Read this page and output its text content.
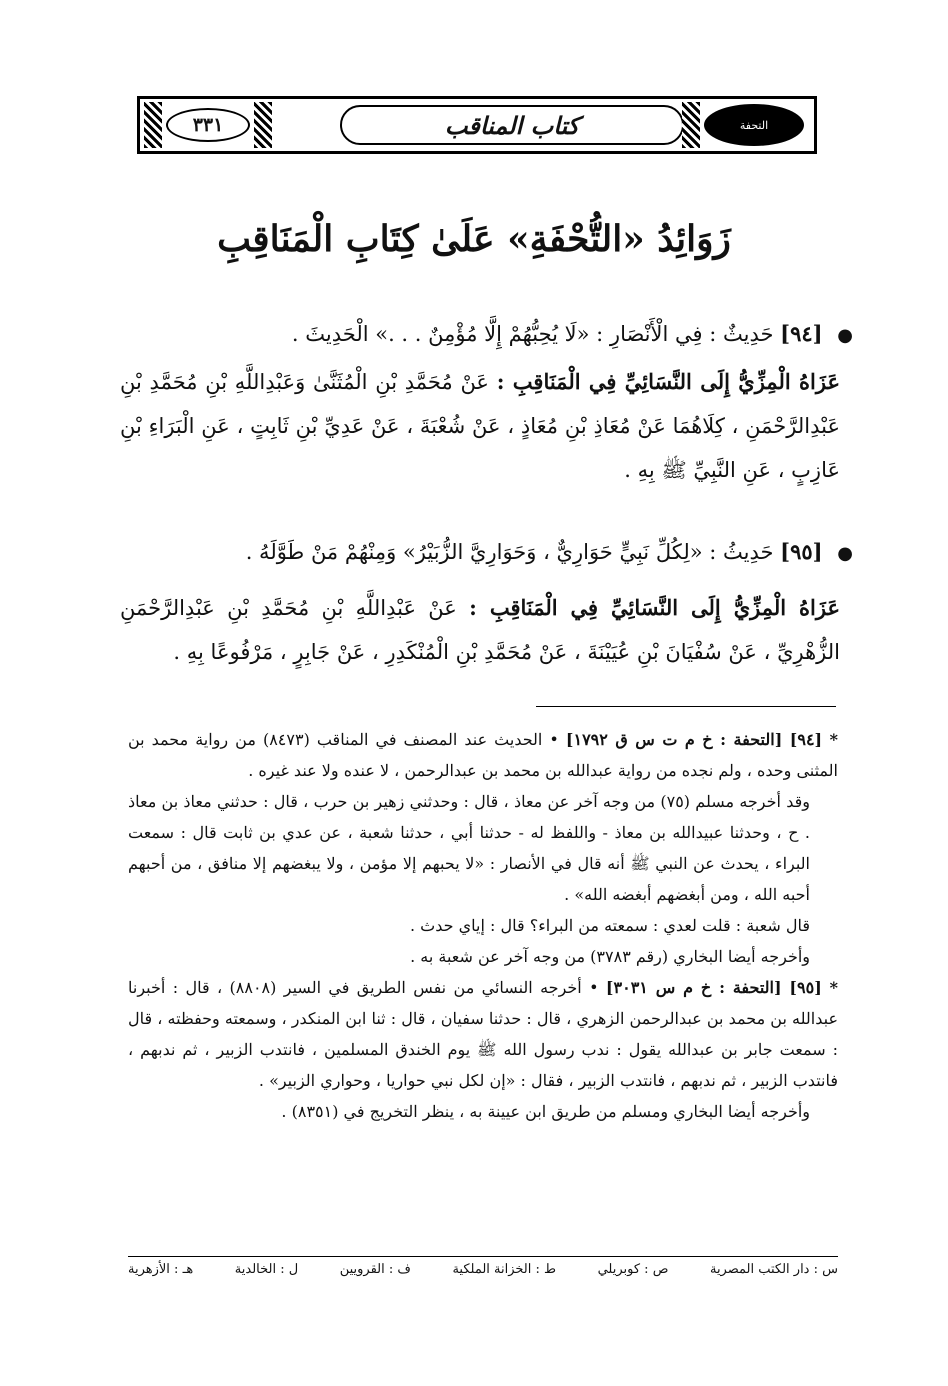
٣٣١	كتاب المناقب	التحفة
زَوَائِدُ «التُّحْفَةِ» عَلَىٰ كِتَابِ الْمَنَاقِبِ
● [٩٤] حَدِيثٌ : فِي الْأَنْصَارِ : «لَا يُحِبُّهُمْ إِلَّا مُؤْمِنٌ . . .» الْحَدِيثَ .
عَزَاهُ الْمِزِّيُّ إِلَى النَّسَائِيِّ فِي الْمَنَاقِبِ : عَنْ مُحَمَّدِ بْنِ الْمُثَنَّىٰ وَعَبْدِاللَّهِ بْنِ مُحَمَّدِ بْنِ عَبْدِالرَّحْمَنِ ، كِلَاهُمَا عَنْ مُعَاذِ بْنِ مُعَاذٍ ، عَنْ شُعْبَةَ ، عَنْ عَدِيِّ بْنِ ثَابِتٍ ، عَنِ الْبَرَاءِ بْنِ عَازِبٍ ، عَنِ النَّبِيِّ ﷺ بِهِ .
● [٩٥] حَدِيثُ : «لِكُلِّ نَبِيٍّ حَوَارِيٌّ ، وَحَوَارِيَّ الزُّبَيْرُ» وَمِنْهُمْ مَنْ طَوَّلَهُ .
عَزَاهُ الْمِزِّيُّ إِلَى النَّسَائِيِّ فِي الْمَنَاقِبِ : عَنْ عَبْدِاللَّهِ بْنِ مُحَمَّدِ بْنِ عَبْدِالرَّحْمَنِ الزُّهْرِيِّ ، عَنْ سُفْيَانَ بْنِ عُيَيْنَةَ ، عَنْ مُحَمَّدِ بْنِ الْمُنْكَدِرِ ، عَنْ جَابِرٍ ، مَرْفُوعًا بِهِ .

* [٩٤] [التحفة : خ م ت س ق ١٧٩٢] • الحديث عند المصنف في المناقب (٨٤٧٣) من رواية محمد بن المثنى وحده ، ولم نجده من رواية عبدالله بن محمد بن عبدالرحمن ، لا عنده ولا عند غيره .

وقد أخرجه مسلم (٧٥) من وجه آخر عن معاذ ، قال : وحدثني زهير بن حرب ، قال : حدثني معاذ بن معاذ . ح ، وحدثنا عبيدالله بن معاذ - واللفظ له - حدثنا أبي ، حدثنا شعبة ، عن عدي بن ثابت قال : سمعت البراء ، يحدث عن النبي ﷺ أنه قال في الأنصار : «لا يحبهم إلا مؤمن ، ولا يبغضهم إلا منافق ، من أحبهم أحبه الله ، ومن أبغضهم أبغضه الله» .

قال شعبة : قلت لعدي : سمعته من البراء؟ قال : إياي حدث .

وأخرجه أيضا البخاري (رقم ٣٧٨٣) من وجه آخر عن شعبة به .

* [٩٥] [التحفة : خ م س ٣٠٣١] • أخرجه النسائي من نفس الطريق في السير (٨٨٠٨) ، قال : أخبرنا عبدالله بن محمد بن عبدالرحمن الزهري ، قال : حدثنا سفيان ، قال : ثنا ابن المنكدر ، وسمعته وحفظته ، قال : سمعت جابر بن عبدالله يقول : ندب رسول الله ﷺ يوم الخندق المسلمين ، فانتدب الزبير ، ثم ندبهم ، فانتدب الزبير ، ثم ندبهم ، فانتدب الزبير ، فقال : «إن لكل نبي حواريا ، وحواري الزبير» .

وأخرجه أيضا البخاري ومسلم من طريق ابن عيينة به ، ينظر التخريج في (٨٣٥١) .

س : دار الكتب المصرية
ص : كوبريلي
ط : الخزانة الملكية
ف : القرويين
ل : الخالدية
هـ : الأزهرية
